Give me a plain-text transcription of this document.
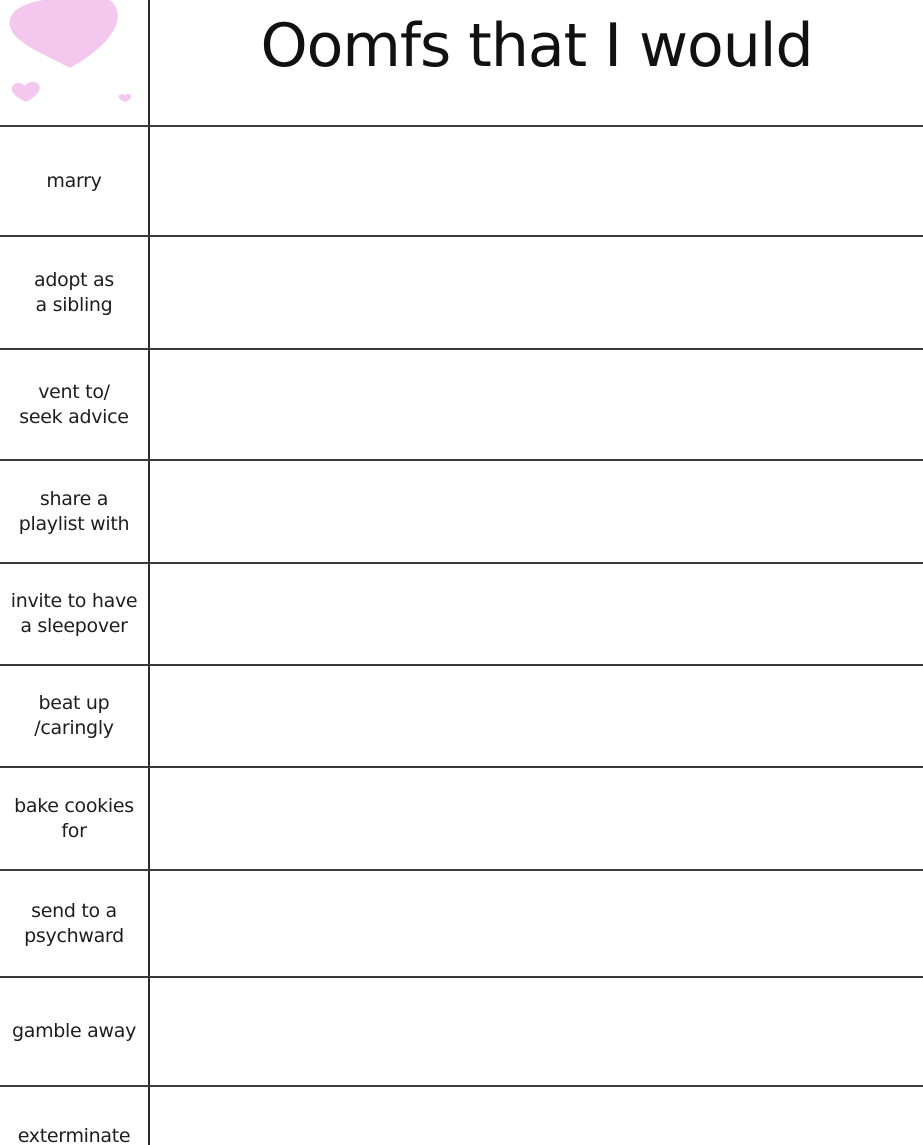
Oomfs that I would
marry
adopt as
a sibling
vent to/
seek advice
share a
playlist with
invite to have
a sleepover
beat up
/caringly
bake cookies
for
send to a
psychward
gamble away
exterminate
